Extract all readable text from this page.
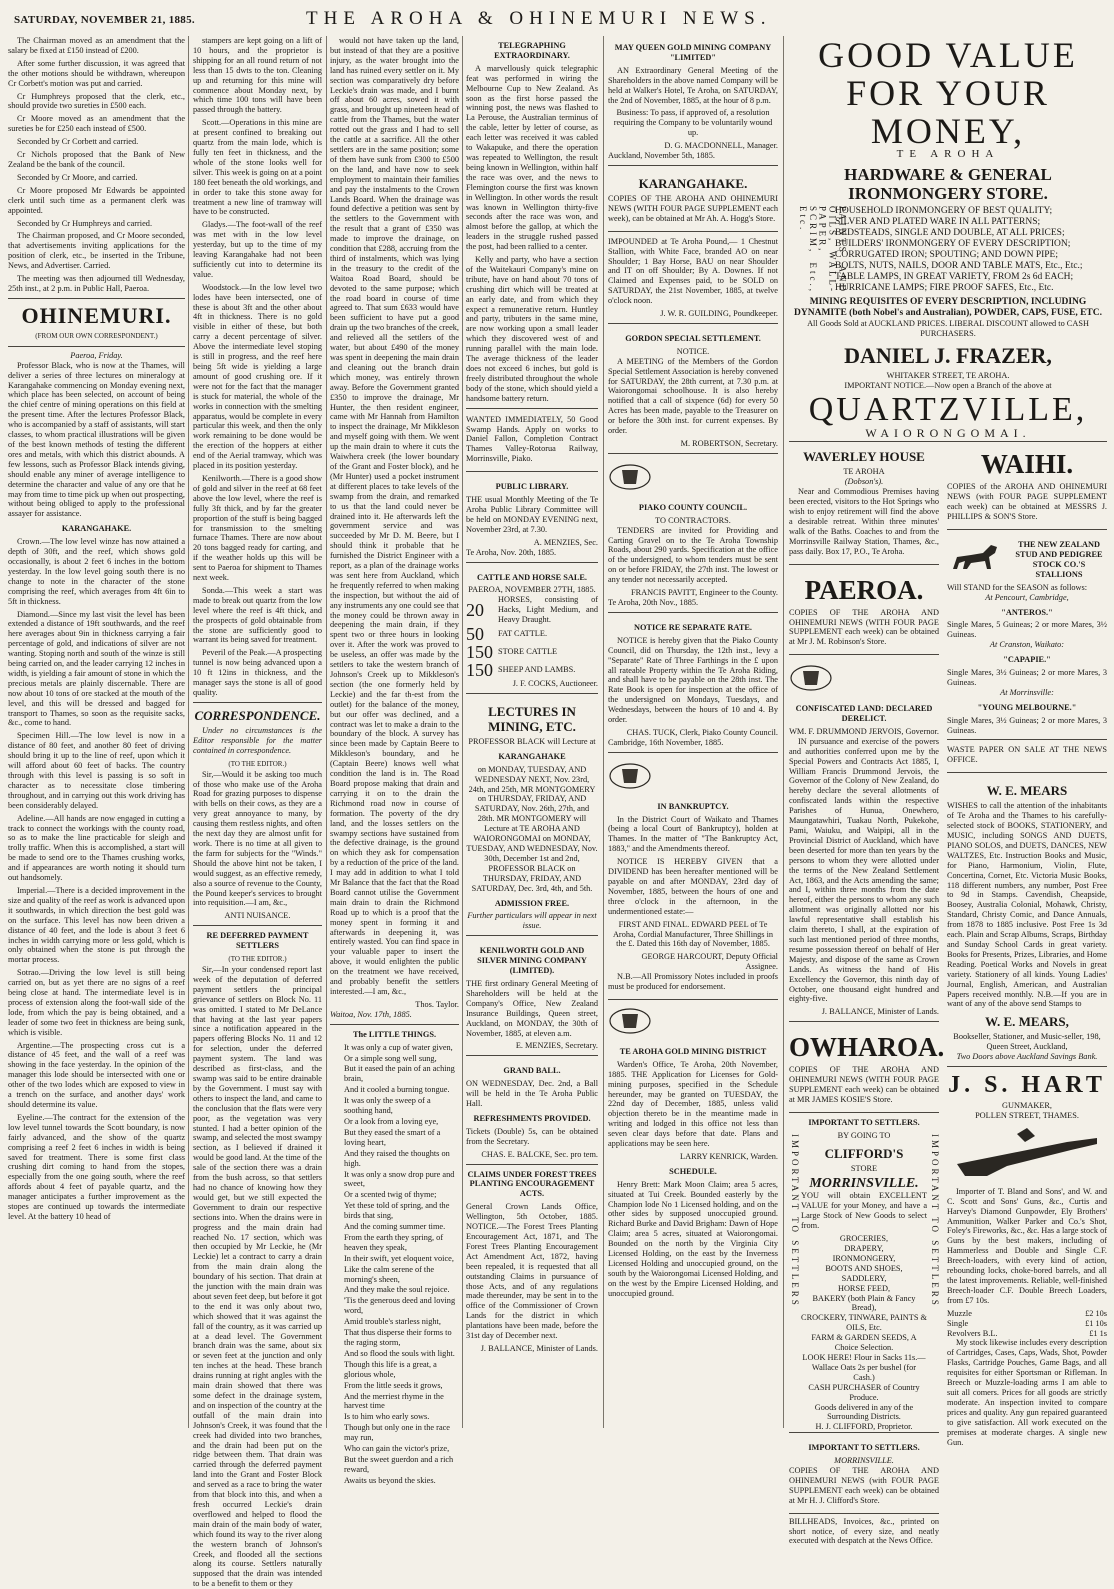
SATURDAY, NOVEMBER 21, 1885.	THE AROHA & OHINEMURI NEWS.

The Chairman moved as an amendment that the salary be fixed at £150 instead of £200.

After some further discussion, it was agreed that the other motions should be withdrawn, whereupon Cr Corbett's motion was put and carried.

Cr Humphreys proposed that the clerk, etc., should provide two sureties in £500 each.

Cr Moore moved as an amendment that the sureties be for £250 each instead of £500.

Seconded by Cr Corbett and carried.

Cr Nichols proposed that the Bank of New Zealand be the bank of the council.

Seconded by Cr Moore, and carried.

Cr Moore proposed Mr Edwards be appointed clerk until such time as a permanent clerk was appointed.

Seconded by Cr Humphreys and carried.

The Chairman proposed, and Cr Moore seconded, that advertisements inviting applications for the position of clerk, etc., be inserted in the Tribune, News, and Advertiser. Carried.

The meeting was then adjourned till Wednesday, 25th inst., at 2 p.m. in Public Hall, Paeroa.

OHINEMURI.
(FROM OUR OWN CORRESPONDENT.)
Paeroa, Friday.

Professor Black, who is now at the Thames, will deliver a series of three lectures on mineralogy at Karangahake commencing on Monday evening next, which place has been selected, on account of being the chief centre of mining operations on this field at the present time. After the lectures Professor Black, who is accompanied by a staff of assistants, will start classes, to whom practical illustrations will be given of the best known methods of testing the different ores and metals, with which this district abounds. A few lessons, such as Professor Black intends giving, should enable any miner of average intelligence to determine the character and value of any ore that he may from time to time pick up when out prospecting, without being obliged to apply to the professional assayer for assistance.

KARANGAHAKE.

Crown.—The low level winze has now attained a depth of 30ft, and the reef, which shows gold occasionally, is about 2 feet 6 inches in the bottom yesterday. In the low level going south there is no change to note in the character of the stone comprising the reef, which averages from 4ft 6in to 5ft in thickness.

Diamond.—Since my last visit the level has been extended a distance of 19ft southwards, and the reef here averages about 9in in thickness carrying a fair percentage of gold, and indications of silver are not wanting. Stoping north and south of the winze is still being carried on, and the leader carrying 12 inches in width, is yielding a fair amount of stone in which the precious metals are plainly discernable. There are now about 10 tons of ore stacked at the mouth of the level, and this will be dressed and bagged for transport to Thames, so soon as the requisite sacks, &c., come to hand.

Specimen Hill.—The low level is now in a distance of 80 feet, and another 80 feet of driving should bring it up to the line of reef, upon which it will afford about 60 feet of backs. The country through with this level is passing is so soft in character as to necessitate close timbering throughout, and in carrying out this work driving has been considerably delayed.

Adeline.—All hands are now engaged in cutting a track to connect the workings with the county road, so as to make the line practicable for sleigh and trolly traffic. When this is accomplished, a start will be made to send ore to the Thames crushing works, and if appearances are worth noting it should turn out handsomely.

Imperial.—There is a decided improvement in the size and quality of the reef as work is advanced upon it southwards, in which direction the best gold was on the surface. This level has now been driven a distance of 40 feet, and the lode is about 3 feet 6 inches in width carrying more or less gold, which is only obtained when the stone is put through the mortar process.

Sotrao.—Driving the low level is still being carried on, but as yet there are no signs of a reef being close at hand. The intermediate level is in process of extension along the foot-wall side of the lode, from which the pay is being obtained, and a leader of some two feet in thickness are being sunk, which is visible.

Argentine.—The prospecting cross cut is a distance of 45 feet, and the wall of a reef was showing in the face yesterday. In the opinion of the manager this lode should be intersected with one or other of the two lodes which are exposed to view in a trench on the surface, and another days' work should determine its value.

Eyeline.—The contract for the extension of the low level tunnel towards the Scott boundary, is now fairly advanced, and the show of the quartz comprising a reef 2 feet 6 inches in width is being saved for treatment. There is some first class crushing dirt coming to hand from the stopes, especially from the one going south, where the reef affords about 4 feet of payable quartz, and the manager anticipates a further improvement as the stopes are continued up towards the intermediate level. At the battery 10 head of

stampers are kept going on a lift of 10 hours, and the proprietor is shipping for an all round return of not less than 15 dwts to the ton. Cleaning up and returning for this mine will commence about Monday next, by which time 100 tons will have been passed through the battery.

Scott.—Operations in this mine are at present confined to breaking out quartz from the main lode, which is fully ten feet in thickness, and the whole of the stone looks well for silver. This week is going on at a point 180 feet beneath the old workings, and in order to take this stone away for treatment a new line of tramway will have to be constructed.

Gladys.—The foot-wall of the reef was met with in the low level yesterday, but up to the time of my leaving Karangahake had not been sufficiently cut into to determine its value.

Woodstock.—In the low level two lodes have been intersected, one of these is about 3ft and the other about 4ft in thickness. There is no gold visible in either of these, but both carry a decent percentage of silver. Above the intermediate level stoping is still in progress, and the reef here being 5ft wide is yielding a large amount of good crushing ore. If it were not for the fact that the manager is stuck for material, the whole of the works in connection with the smelting apparatus, would be complete in every particular this week, and then the only work remaining to be done would be the erection of the hoppers at either end of the Aerial tramway, which was placed in its position yesterday.

Kenilworth.—There is a good show of gold and silver in the reef at 68 feet above the low level, where the reef is fully 3ft thick, and by far the greater proportion of the stuff is being bagged for transmission to the smelting furnace Thames. There are now about 20 tons bagged ready for carting, and if the weather holds up this will be sent to Paeroa for shipment to Thames next week.

Sonda.—This week a start was made to break out quartz from the low level where the reef is 4ft thick, and the prospects of gold obtainable from the stone are sufficiently good to warrant its being saved for treatment.

Peveril of the Peak.—A prospecting tunnel is now being advanced upon a 10 ft 12ins in thickness, and the manager says the stone is all of good quality.

CORRESPONDENCE.

Under no circumstances is the Editor responsible for the matter contained in correspondence.

(TO THE EDITOR.)

Sir,—Would it be asking too much of those who make use of the Aroha Road for grazing purposes to dispense with bells on their cows, as they are a very great annoyance to many, by causing them restless nights, and often the next day they are almost unfit for work. There is no time at all given to the farm for subjects for the "Winds." Should the above hint not be taken, I would suggest, as an effective remedy, also a source of revenue to the County, the Pound keeper's services to brought into requisition.—I am, &c.,

ANTI NUISANCE.
RE DEFERRED PAYMENT SETTLERS
(TO THE EDITOR.)

Sir,—In your condensed report last week of the deputation of deferred payment settlers the principal grievance of settlers on Block No. 11 was omitted. I stated to Mr DeLance that having at the last year papers since a notification appeared in the papers offering Blocks No. 11 and 12 for selection, under the deferred payment system. The land was described as first-class, and the swamp was said to be entire drainable by the Government. I must say with others to inspect the land, and came to the conclusion that the flats were very poor, as the vegetation was very stunted. I had a better opinion of the swamp, and selected the most swampy section, as I believed if drained it would be good land. At the time of the sale of the section there was a drain from the bush across, so that settlers had no chance of knowing how they would get, but we still expected the Government to drain our respective sections into. When the drains were in progress and the main drain had reached No. 17 section, which was then occupied by Mr Leckie, he (Mr Leckie) let a contract to carry a drain from the main drain along the boundary of his section. That drain at the junction with the main drain was about seven feet deep, but before it got to the end it was only about two, which showed that it was against the fall of the country, as it was carried up at a dead level. The Government branch drain was the same, about six or seven feet at the junction and only ten inches at the head. These branch drains running at right angles with the main drain showed that there was some defect in the drainage system, and on inspection of the country at the outfall of the main drain into Johnson's Creek, it was found that the creek had divided into two branches, and the drain had been put on the ridge between them. That drain was carried through the deferred payment land into the Grant and Foster Block and served as a race to bring the water from that block into this, and when a fresh occurred Leckie's drain overflowed and helped to flood the main drain of the main body of water, which found its way to the river along the western branch of Johnson's Creek, and flooded all the sections along its course. Settlers naturally supposed that the drain was intended to be a benefit to them or they

would not have taken up the land, but instead of that they are a positive injury, as the water brought into the land has ruined every settler on it. My section was comparatively dry before Leckie's drain was made, and I burnt off about 60 acres, sowed it with grass, and brought up nineteen head of cattle from the Thames, but the water rotted out the grass and I had to sell the cattle at a sacrifice. All the other settlers are in the same position; some of them have sunk from £300 to £500 on the land, and have now to seek employment to maintain their families and pay the instalments to the Crown Lands Board. When the drainage was found defective a petition was sent by the settlers to the Government with the result that a grant of £350 was made to improve the drainage, on condition that £288, accruing from the third of instalments, which was lying in the treasury to the credit of the Waitoa Road Board, should be devoted to the same purpose; which the road board in course of time agreed to. That sum £633 would have been sufficient to have put a good drain up the two branches of the creek, and relieved all the settlers of the water, but about £490 of the money was spent in deepening the main drain and cleaning out the branch drain which money, was entirely thrown away. Before the Government granted £350 to improve the drainage, Mr Hunter, the then resident engineer, came with Mr Hannah from Hamilton to inspect the drainage, Mr Mikkleson and myself going with them. We went up the main drain to where it cuts the Waiwhera creek (the lower boundary of the Grant and Foster block), and he (Mr Hunter) used a pocket instrument at different places to take levels of the swamp from the drain, and remarked to us that the land could never be drained into it. He afterwards left the government service and was succeeded by Mr D. M. Beere, but I should think it probable that he furnished the District Engineer with a report, as a plan of the drainage works was sent here from Auckland, which he frequently referred to when making the inspection, but without the aid of any instruments any one could see that the money could be thrown away in deepening the main drain, if they spent two or three hours in looking over it. After the work was proved to be useless, an offer was made by the settlers to take the western branch of Johnson's Creek up to Mikkleson's section (the one formerly held by Leckie) and the far th-est from the outlet) for the balance of the money, but our offer was declined, and a contract was let to make a drain to the boundary of the block. A survey has since been made by Captain Beere to Mikkleson's boundary, and he (Captain Beere) knows well what condition the land is in. The Road Board propose making that drain and carrying it on to the drain the Richmond road now in course of formation. The poverty of the dry land, and the losses settlers on the swampy sections have sustained from the defective drainage, is the ground on which they ask for compensation by a reduction of the price of the land. I may add in addition to what I told Mr Balance that the fact that the Road Board cannot utilise the Government main drain to drain the Richmond Road up to which is a proof that the money spent in forming it and afterwards in deepening it, was entirely wasted. You can find space in your valuable paper to insert the above, it would enlighten the public on the treatment we have received, and probably benefit the settlers interested.—I am, &c.,

Thos. Taylor.
Waitoa, Nov. 17th, 1885.
The LITTLE THINGS.

It was only a cup of water given,

Or a simple song well sung,

But it eased the pain of an aching brain,

And it cooled a burning tongue.

It was only the sweep of a soothing hand,

Or a look from a loving eye,

But they eased the smart of a loving heart,

And they raised the thoughts on high.

It was only a snow drop pure and sweet,

Or a scented twig of thyme;

Yet these told of spring, and the birds that sing,

And the coming summer time.

From the earth they spring, of heaven they speak,

In their swift, yet eloquent voice,

Like the calm serene of the morning's sheen,

And they make the soul rejoice.

'Tis the generous deed and loving word,

Amid trouble's starless night,

That thus disperse their forms to the raging storm,

And so flood the souls with light.

Though this life is a great, a glorious whole,

From the little seeds it grows,

And the merriest rhyme in the harvest time

Is to him who early sows.

Though but only one in the race may run,

Who can gain the victor's prize,

But the sweet guerdon and a rich reward,

Awaits us beyond the skies.

TELEGRAPHING EXTRAORDINARY.

A marvellously quick telegraphic feat was performed in wiring the Melbourne Cup to New Zealand. As soon as the first horse passed the winning post, the news was flashed to La Perouse, the Australian terminus of the cable, letter by letter of course, as each letter was received it was cabled to Wakapuke, and there the operation was repeated to Wellington, the result being known in Wellington, within half the race was over, and the news to Flemington course the first was known in Wellington. In other words the result was known in Wellington thirty-five seconds after the race was won, and almost before the gallop, at which the leaders in the struggle rushed passed the post, had been rallied to a center.

Kelly and party, who have a section of the Waitekauri Company's mine on tribute, have on hand about 70 tons of crushing dirt which will be treated at an early date, and from which they expect a remunerative return. Huntley and party, tributers in the same mine, are now working upon a small leader which they discovered west of and running parallel with the main lode. The average thickness of the leader does not exceed 6 inches, but gold is freely distributed throughout the whole body of the stone, which should yield a handsome battery return.

WANTED IMMEDIATELY, 50 Good Swamp Hands. Apply on works to Daniel Fallon, Completion Contract Thames Valley-Rotorua Railway, Morrinsville, Piako.

PUBLIC LIBRARY.

THE usual Monthly Meeting of the Te Aroha Public Library Committee will be held on MONDAY EVENING next, November 23rd, at 7.30.

A. MENZIES, Sec.
Te Aroha, Nov. 20th, 1885.
CATTLE AND HORSE SALE.
PAEROA, NOVEMBER 27TH, 1885.
20
HORSES, consisting of Hacks, Light Medium, and Heavy Draught.
50	FAT CATTLE.
150 STORE CATTLE
150 SHEEP AND LAMBS.
J. F. COCKS, Auctioneer.
LECTURES IN MINING, ETC.
PROFESSOR BLACK will Lecture at
KARANGAHAKE

on MONDAY, TUESDAY, AND WEDNESDAY NEXT, Nov. 23rd, 24th, and 25th, MR MONTGOMERY on THURSDAY, FRIDAY, AND SATURDAY, Nov. 26th, 27th, and 28th. MR MONTGOMERY will Lecture at TE AROHA AND WAIORONGOMAI on MONDAY, TUESDAY, AND WEDNESDAY, Nov. 30th, December 1st and 2nd, PROFESSOR BLACK on THURSDAY, FRIDAY, AND SATURDAY, Dec. 3rd, 4th, and 5th.

ADMISSION FREE.
Further particulars will appear in next issue.
KENILWORTH GOLD AND SILVER MINING COMPANY (LIMITED).

THE first ordinary General Meeting of Shareholders will be held at the Company's Office, New Zealand Insurance Buildings, Queen street, Auckland, on MONDAY, the 30th of November, 1885, at eleven a.m.

E. MENZIES, Secretary.
GRAND BALL.

ON WEDNESDAY, Dec. 2nd, a Ball will be held in the Te Aroha Public Hall.

REFRESHMENTS PROVIDED.

Tickets (Double) 5s, can be obtained from the Secretary.

CHAS. E. BALCKE, Sec. pro tem.
CLAIMS UNDER FOREST TREES PLANTING ENCOURAGEMENT ACTS.

General Crown Lands Office, Wellington, 5th October, 1885. NOTICE.—The Forest Trees Planting Encouragement Act, 1871, and The Forest Trees Planting Encouragement Act Amendment Act, 1872, having been repealed, it is requested that all outstanding Claims in pursuance of those Acts, and of any regulations made thereunder, may be sent in to the office of the Commissioner of Crown Lands for the district in which plantations have been made, before the 31st day of December next.

J. BALLANCE, Minister of Lands.
MAY QUEEN GOLD MINING COMPANY "LIMITED"

AN Extraordinary General Meeting of the Shareholders in the above named Company will be held at Walker's Hotel, Te Aroha, on SATURDAY, the 2nd of November, 1885, at the hour of 8 p.m.

Business: To pass, if approved of, a resolution requiring the Company to be voluntarily wound up.

D. G. MACDONNELL, Manager.
Auckland, November 5th, 1885.
KARANGAHAKE.

COPIES OF THE AROHA AND OHINEMURI NEWS (WITH FOUR PAGE SUPPLEMENT each week), can be obtained at Mr Ah. A. Hogg's Store.

IMPOUNDED at Te Aroha Pound,— 1 Chestnut Stallion, with White Face, branded AO on near Shoulder; 1 Bay Horse, BAU on near Shoulder and IT on off Shoulder; By A. Downes. If not Claimed and Expenses paid, to be SOLD on SATURDAY, the 21st November, 1885, at twelve o'clock noon.

J. W. R. GUILDING, Poundkeeper.
GORDON SPECIAL SETTLEMENT.
NOTICE.

A MEETING of the Members of the Gordon Special Settlement Association is hereby convened for SATURDAY, the 28th current, at 7.30 p.m. at Waiorongomai schoolhouse. It is also hereby notified that a call of sixpence (6d) for every 50 Acres has been made, payable to the Treasurer on or before the 30th inst. for current expenses. By order.

M. ROBERTSON, Secretary.
PIAKO COUNTY COUNCIL.
TO CONTRACTORS.

TENDERS are invited for Providing and Carting Gravel on to the Te Aroha Township Roads, about 290 yards. Specification at the office of the undersigned, to whom tenders must be sent on or before FRIDAY, the 27th inst. The lowest or any tender not necessarily accepted.

FRANCIS PAVITT, Engineer to the County.
Te Aroha, 20th Nov., 1885.
NOTICE RE SEPARATE RATE.

NOTICE is hereby given that the Piako County Council, did on Thursday, the 12th inst., levy a "Separate" Rate of Three Farthings in the £ upon all rateable Property within the Te Aroha Riding, and shall have to be payable on the 28th inst. The Rate Book is open for inspection at the office of the undersigned on Mondays, Tuesdays, and Wednesdays, between the hours of 10 and 4. By order.

CHAS. TUCK, Clerk, Piako County Council.
Cambridge, 16th November, 1885.
IN BANKRUPTCY.

In the District Court of Waikato and Thames (being a local Court of Bankruptcy), holden at Thames. In the matter of "The Bankruptcy Act, 1883," and the Amendments thereof.

NOTICE IS HEREBY GIVEN that a DIVIDEND has been hereafter mentioned will be payable on and after MONDAY, 23rd day of November, 1885, between the hours of one and three o'clock in the afternoon, in the undermentioned estate:—

FIRST AND FINAL. EDWARD PEEL of Te Aroha, Cordial Manufacturer, Three Shillings in the £. Dated this 16th day of November, 1885.

GEORGE HARCOURT, Deputy Official Assignee.

N.B.—All Promissory Notes included in proofs must be produced for endorsement.

TE AROHA GOLD MINING DISTRICT

Warden's Office, Te Aroha, 20th November, 1885. THE Application for Licenses for Gold-mining purposes, specified in the Schedule hereunder, may be granted on TUESDAY, the 22nd day of December, 1885, unless valid objection thereto be in the meantime made in writing and lodged in this office not less than seven clear days before that date. Plans and applications may be seen here.

LARRY KENRICK, Warden.
SCHEDULE.

Henry Brett: Mark Moon Claim; area 5 acres, situated at Tui Creek. Bounded easterly by the Champion lode No 1 Licensed holding, and on the other sides by supposed unoccupied ground. Richard Burke and David Brigham: Dawn of Hope Claim; area 5 acres, situated at Waiorongomai. Bounded on the north by the Virginia City Licensed Holding, on the east by the Inverness Licensed Holding and unoccupied ground, on the south by the Waiorongomai Licensed Holding, and on the west by the Empire Licensed Holding, and unoccupied ground.

GOOD VALUE FOR YOUR MONEY,
TE AROHA
HARDWARE & GENERAL IRONMONGERY STORE.
PAINTS AND OILS, WALL-PAPER, SCRIM, Etc., Etc.	HOUSEHOLD IRONMONGERY OF BEST QUALITY;
SILVER AND PLATED WARE IN ALL PATTERNS;
BEDSTEADS, SINGLE AND DOUBLE, AT ALL PRICES;
BUILDERS' IRONMONGERY OF EVERY DESCRIPTION;
CORRUGATED IRON; SPOUTING; AND DOWN PIPE;
BOLTS, NUTS, NAILS, DOOR AND TABLE MATS, Etc., Etc.;
TABLE LAMPS, IN GREAT VARIETY, FROM 2s 6d EACH;
HURRICANE LAMPS; FIRE PROOF SAFES, Etc., Etc.
MINING REQUISITES OF EVERY DESCRIPTION, INCLUDING DYNAMITE (both Nobel's and Australian), POWDER, CAPS, FUSE, ETC.
All Goods Sold at AUCKLAND PRICES. LIBERAL DISCOUNT allowed to CASH PURCHASERS.
DANIEL J. FRAZER,
WHITAKER STREET, TE AROHA.
IMPORTANT NOTICE.—Now open a Branch of the above at
QUARTZVILLE,
WAIORONGOMAI.
WAVERLEY HOUSE
TE AROHA
(Dobson's).

Near and Commodious Premises having been erected, visitors to the Hot Springs who wish to enjoy retirement will find the above a desirable retreat. Within three minutes' walk of the Baths. Coaches to and from the Morrinsville Railway Station, Thames, &c., pass daily. Box 17, P.O., Te Aroha.

PAEROA.

COPIES OF THE AROHA AND OHINEMURI NEWS (WITH FOUR PAGE SUPPLEMENT each week) can be obtained at Mr J. M. Robinson's Store.

CONFISCATED LAND: DECLARED DERELICT.
WM. F. DRUMMOND JERVOIS, Governor.

IN pursuance and exercise of the powers and authorities conferred upon me by the Special Powers and Contracts Act 1885, I, William Francis Drummond Jervois, the Governor of the Colony of New Zealand, do hereby declare the several allotments of confiscated lands within the respective Parishes of Hunua, Onewhero, Maungatawhiri, Tuakau North, Pukekohe, Pami, Waiuku, and Waipipi, all in the Provincial District of Auckland, which have been deserted for more than ten years by the persons to whom they were allotted under the terms of the New Zealand Settlement Act, 1863, and the Acts amending the same; and I, within three months from the date hereof, either the persons to whom any such allotment was originally allotted nor his lawful representative shall establish his claim thereto, I shall, at the expiration of such last mentioned period of three months, resume possession thereof on behalf of Her Majesty, and dispose of the same as Crown Lands. As witness the hand of His Excellency the Governor, this ninth day of October, one thousand eight hundred and eighty-five.

J. BALLANCE, Minister of Lands.
OWHAROA.

COPIES OF THE AROHA AND OHINEMURI NEWS (WITH FOUR PAGE SUPPLEMENT each week) can be obtained at MR JAMES KOSIE'S Store.

IMPORTANT TO SETTLERS	IMPORTANT TO SETTLERS
IMPORTANT TO SETTLERS.
BY GOING TO
CLIFFORD'S
STORE
MORRINSVILLE.

YOU will obtain EXCELLENT VALUE for your Money, and have a Large Stock of New Goods to select from.

GROCERIES,
DRAPERY,
IRONMONGERY,
BOOTS AND SHOES,
SADDLERY,
HORSE FEED,
BAKERY (both Plain & Fancy Bread),
CROCKERY, TINWARE, PAINTS & OILS, Etc.
FARM & GARDEN SEEDS, A Choice Selection.
LOOK HERE! Flour in Sacks 11s.—Wallace Oats 2s per bushel (for Cash.)
CASH PURCHASER of Country Produce.
Goods delivered in any of the Surrounding Districts.
H. J. CLIFFORD, Proprietor.
IMPORTANT TO SETTLERS.
MORRINSVILLE.

COPIES OF THE AROHA AND OHINEMURI NEWS (with FOUR PAGE SUPPLEMENT each week) can be obtained at Mr H. J. Clifford's Store.

BILLHEADS, Invoices, &c., printed on short notice, of every size, and neatly executed with despatch at the News Office.

WAIHI.

COPIES of the AROHA AND OHINEMURI NEWS (with FOUR PAGE SUPPLEMENT each week) can be obtained at MESSRS J. PHILLIPS & SON'S Store.

THE NEW ZEALAND STUD AND PEDIGREE STOCK CO.'S STALLIONS
Will STAND for the SEASON as follows:
At Pencourt, Cambridge,
"ANTEROS."
Single Mares, 5 Guineas; 2 or more Mares, 3½ Guineas.
At Cranston, Waikato:
"CAPAPIE."
Single Mares, 3½ Guineas; 2 or more Mares, 3 Guineas.
At Morrinsville:
"YOUNG MELBOURNE."
Single Mares, 3½ Guineas; 2 or more Mares, 3 Guineas.

WASTE PAPER ON SALE AT THE NEWS OFFICE.

W. E. MEARS

WISHES to call the attention of the inhabitants of Te Aroha and the Thames to his carefully-selected stock of BOOKS, STATIONERY, and MUSIC, including SONGS AND DUETS, PIANO SOLOS, and DUETS, DANCES, NEW WALTZES, Etc. Instruction Books and Music, for Piano, Harmonium, Violin, Flute, Concertina, Cornet, Etc. Victoria Music Books, 118 different numbers, any number, Post Free to 9d in Stamps. Cavendish, Cheapside, Boosey, Australia Colonial, Mohawk, Christy, Standard, Christy Comic, and Dance Annuals, from 1878 to 1885 inclusive. Post Free 1s 3d each. Plain and Scrap Albums, Scraps, Birthday and Sunday School Cards in great variety. Books for Presents, Prizes, Libraries, and Home Reading. Poetical Works and Novels in great variety. Stationery of all kinds. Young Ladies' Journal, English, American, and Australian Papers received monthly. N.B.—If you are in want of any of the above send Stamps to

W. E. MEARS,
Bookseller, Stationer, and Music-seller, 198, Queen Street, Auckland,
Two Doors above Auckland Savings Bank.
J. S. HART
GUNMAKER,
POLLEN STREET, THAMES.

Importer of T. Bland and Sons', and W. and C. Scott and Sons' Guns, &c., Curtis and Harvey's Diamond Gunpowder, Ely Brothers' Ammunition, Walker Parker and Co.'s Shot, Foley's Fireworks, &c., &c. Has a large stock of Guns by the best makers, including of Hammerless and Double and Single C.F. Breech-loaders, with every kind of action, rebounding locks, choke-bored barrels, and all the latest improvements. Reliable, well-finished Breech-loader C.F. Double Breech Loaders, from £7 10s.

Muzzle	£2 10s
Single	£1 10s
Revolvers B.L.	£1 1s

My stock likewise includes every description of Cartridges, Cases, Caps, Wads, Shot, Powder Flasks, Cartridge Pouches, Game Bags, and all requisites for either Sportsman or Rifleman. In Breech or Muzzle-loading arms I am able to suit all comers. Prices for all goods are strictly moderate. An inspection invited to compare prices and quality. Any gun repaired guaranteed to give satisfaction. All work executed on the premises at moderate charges. A single new Gun.
